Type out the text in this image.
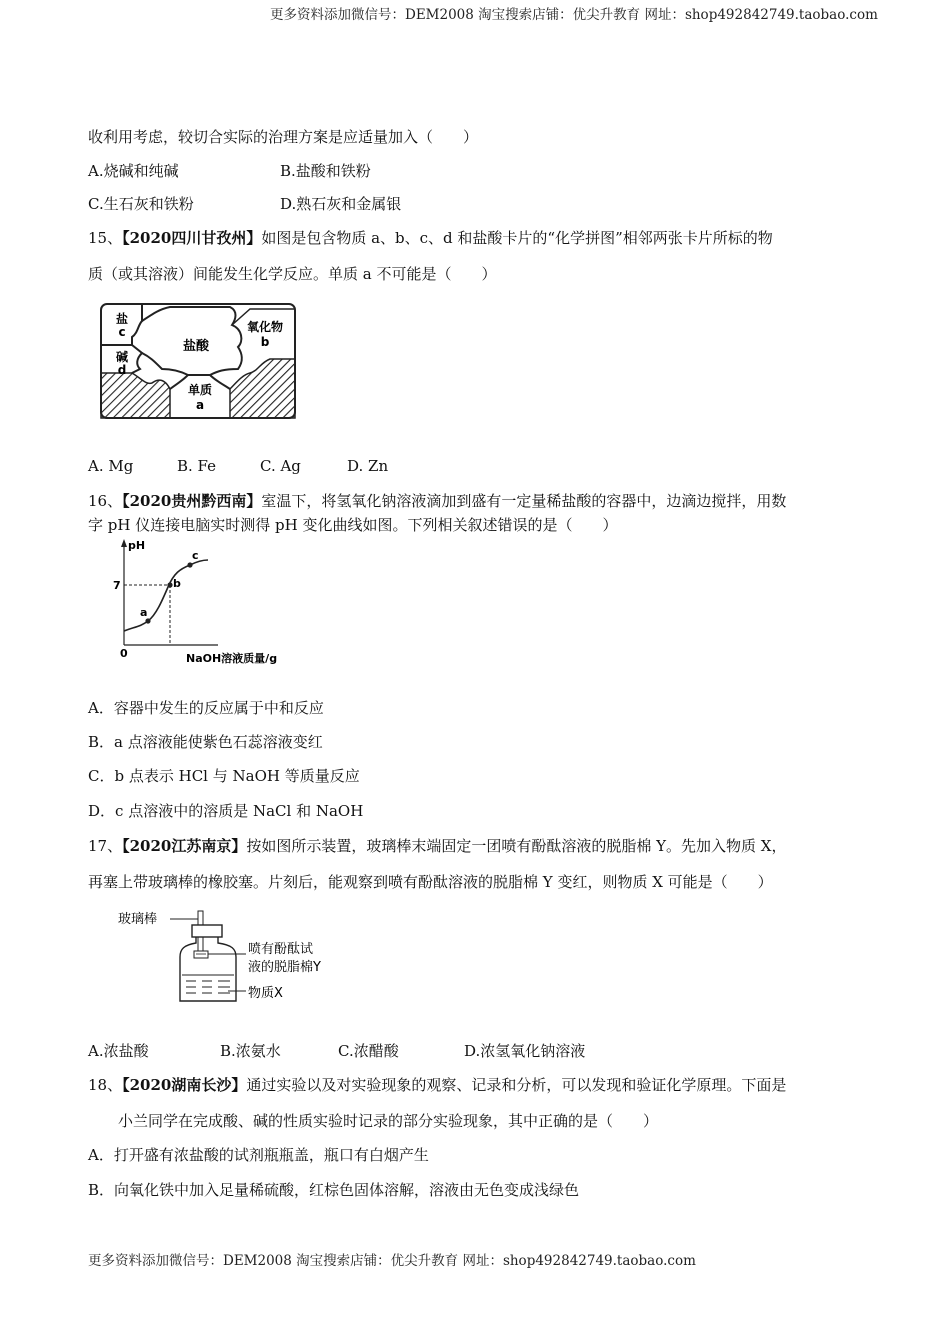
更多资料添加微信号：DEM2008 淘宝搜索店铺：优尖升教育 网址：shop492842749.taobao.com
收利用考虑，较切合实际的治理方案是应适量加入（　　）
A.烧碱和纯碱	B.盐酸和铁粉
C.生石灰和铁粉	D.熟石灰和金属银
15、【2020四川甘孜州】如图是包含物质 a、b、c、d 和盐酸卡片的“化学拼图”相邻两张卡片所标的物
质（或其溶液）间能发生化学反应。单质 a 不可能是（　　）
盐
c
碱
d
盐酸
氧化物
b
单质
a
A. Mg	B. Fe	C. Ag	D. Zn
16、【2020贵州黔西南】室温下，将氢氧化钠溶液滴加到盛有一定量稀盐酸的容器中，边滴边搅拌，用数
字 pH 仪连接电脑实时测得 pH 变化曲线如图。下列相关叙述错误的是（　　）
pH
7
0
a
b
c
NaOH溶液质量/g
A．容器中发生的反应属于中和反应
B．a 点溶液能使紫色石蕊溶液变红
C．b 点表示 HCl 与 NaOH 等质量反应
D．c 点溶液中的溶质是 NaCl 和 NaOH
17、【2020江苏南京】按如图所示装置，玻璃棒末端固定一团喷有酚酞溶液的脱脂棉 Y。先加入物质 X，
再塞上带玻璃棒的橡胶塞。片刻后，能观察到喷有酚酞溶液的脱脂棉 Y 变红，则物质 X 可能是（　　）
玻璃棒
喷有酚酞试
液的脱脂棉Y
物质X
A.浓盐酸	B.浓氨水	C.浓醋酸	D.浓氢氧化钠溶液
18、【2020湖南长沙】通过实验以及对实验现象的观察、记录和分析，可以发现和验证化学原理。下面是
小兰同学在完成酸、碱的性质实验时记录的部分实验现象，其中正确的是（　　）
A．打开盛有浓盐酸的试剂瓶瓶盖，瓶口有白烟产生
B．向氧化铁中加入足量稀硫酸，红棕色固体溶解，溶液由无色变成浅绿色
更多资料添加微信号：DEM2008 淘宝搜索店铺：优尖升教育 网址：shop492842749.taobao.com
